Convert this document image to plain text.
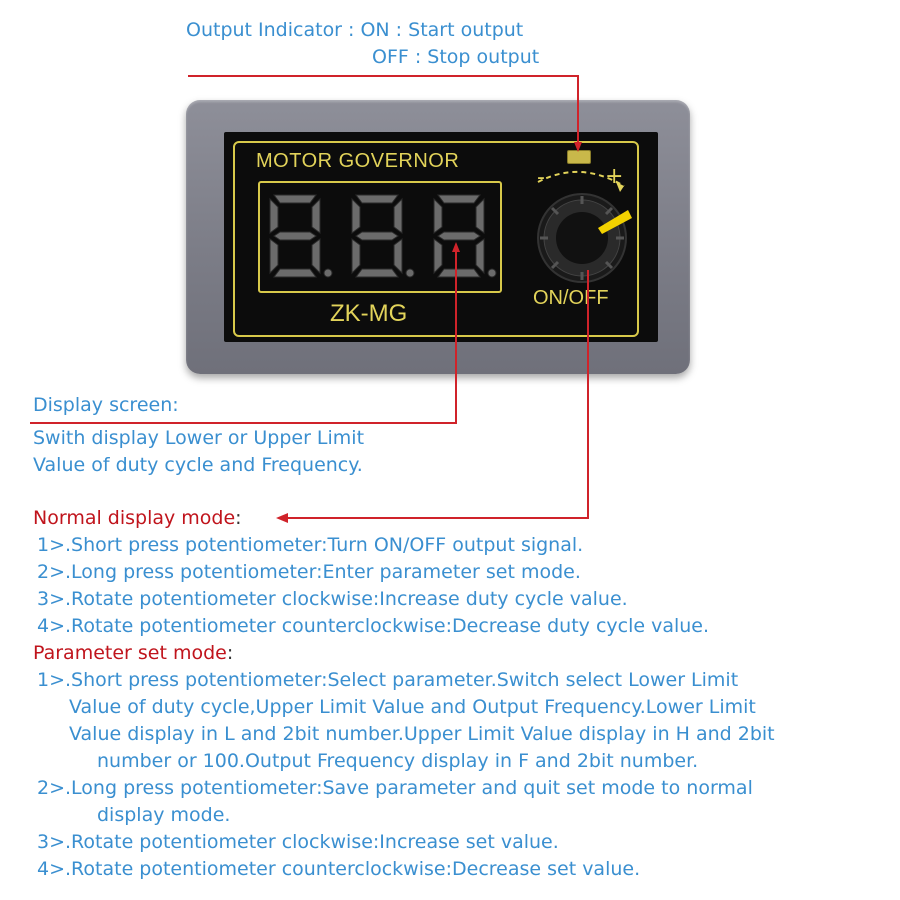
MOTOR GOVERNOR
ZK-MG
-	+
ON/OFF
Output Indicator : ON : Start output
OFF : Stop output
Display screen:
Swith display Lower or Upper Limit
Value of duty cycle and Frequency.
Normal display mode:
1>.Short press potentiometer:Turn ON/OFF output signal.
2>.Long press potentiometer:Enter parameter set mode.
3>.Rotate potentiometer clockwise:Increase duty cycle value.
4>.Rotate potentiometer counterclockwise:Decrease duty cycle value.
Parameter set mode:
1>.Short press potentiometer:Select parameter.Switch select Lower Limit
Value of duty cycle,Upper Limit Value and Output Frequency.Lower Limit
Value display in L and 2bit number.Upper Limit Value display in H and 2bit
number or 100.Output Frequency display in F and 2bit number.
2>.Long press potentiometer:Save parameter and quit set mode to normal
display mode.
3>.Rotate potentiometer clockwise:Increase set value.
4>.Rotate potentiometer counterclockwise:Decrease set value.
